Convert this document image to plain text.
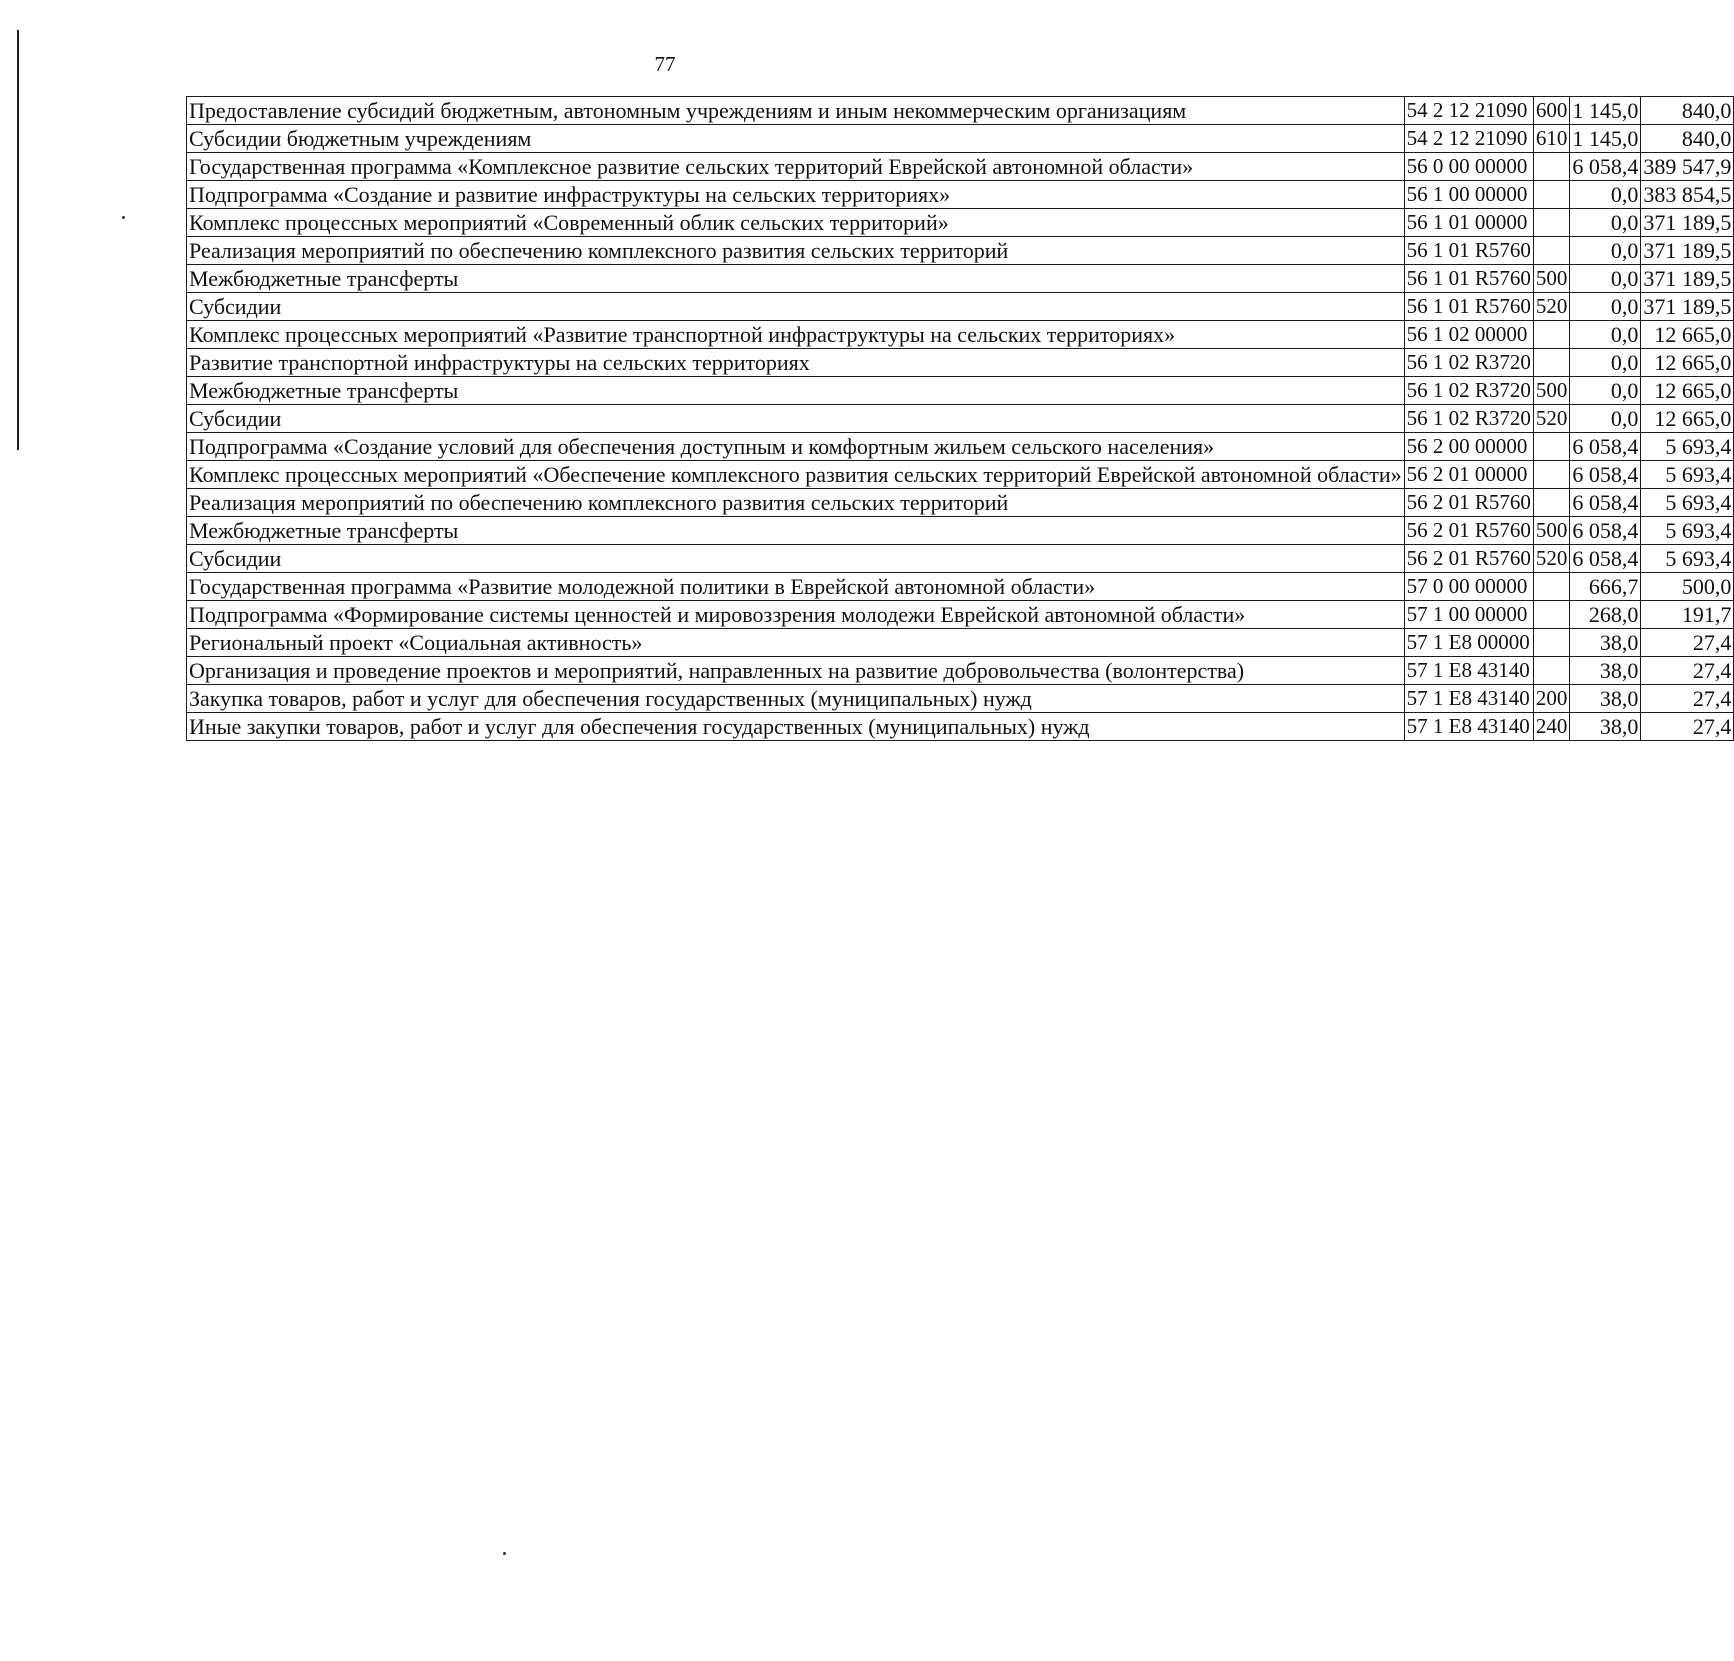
77
Предоставление субсидий бюджетным, автономным учреждениям и иным некоммерческим организациям	54 2 12 21090	600	1 145,0	840,0
Субсидии бюджетным учреждениям	54 2 12 21090	610	1 145,0	840,0
Государственная программа «Комплексное развитие сельских территорий Еврейской автономной области»	56 0 00 00000		6 058,4	389 547,9
Подпрограмма «Создание и развитие инфраструктуры на сельских территориях»	56 1 00 00000		0,0	383 854,5
Комплекс процессных мероприятий «Современный облик сельских территорий»	56 1 01 00000		0,0	371 189,5
Реализация мероприятий по обеспечению комплексного развития сельских территорий	56 1 01 R5760		0,0	371 189,5
Межбюджетные трансферты	56 1 01 R5760	500	0,0	371 189,5
Субсидии	56 1 01 R5760	520	0,0	371 189,5
Комплекс процессных мероприятий «Развитие транспортной инфраструктуры на сельских территориях»	56 1 02 00000		0,0	12 665,0
Развитие транспортной инфраструктуры на сельских территориях	56 1 02 R3720		0,0	12 665,0
Межбюджетные трансферты	56 1 02 R3720	500	0,0	12 665,0
Субсидии	56 1 02 R3720	520	0,0	12 665,0
Подпрограмма «Создание условий для обеспечения доступным и комфортным жильем сельского населения»	56 2 00 00000		6 058,4	5 693,4
Комплекс процессных мероприятий «Обеспечение комплексного развития сельских территорий Еврейской автономной области»	56 2 01 00000		6 058,4	5 693,4
Реализация мероприятий по обеспечению комплексного развития сельских территорий	56 2 01 R5760		6 058,4	5 693,4
Межбюджетные трансферты	56 2 01 R5760	500	6 058,4	5 693,4
Субсидии	56 2 01 R5760	520	6 058,4	5 693,4
Государственная программа «Развитие молодежной политики в Еврейской автономной области»	57 0 00 00000		666,7	500,0
Подпрограмма «Формирование системы ценностей и мировоззрения молодежи Еврейской автономной области»	57 1 00 00000		268,0	191,7
Региональный проект «Социальная активность»	57 1 E8 00000		38,0	27,4
Организация и проведение проектов и мероприятий, направленных на развитие добровольчества (волонтерства)	57 1 E8 43140		38,0	27,4
Закупка товаров, работ и услуг для обеспечения государственных (муниципальных) нужд	57 1 E8 43140	200	38,0	27,4
Иные закупки товаров, работ и услуг для обеспечения государственных (муниципальных) нужд	57 1 E8 43140	240	38,0	27,4
